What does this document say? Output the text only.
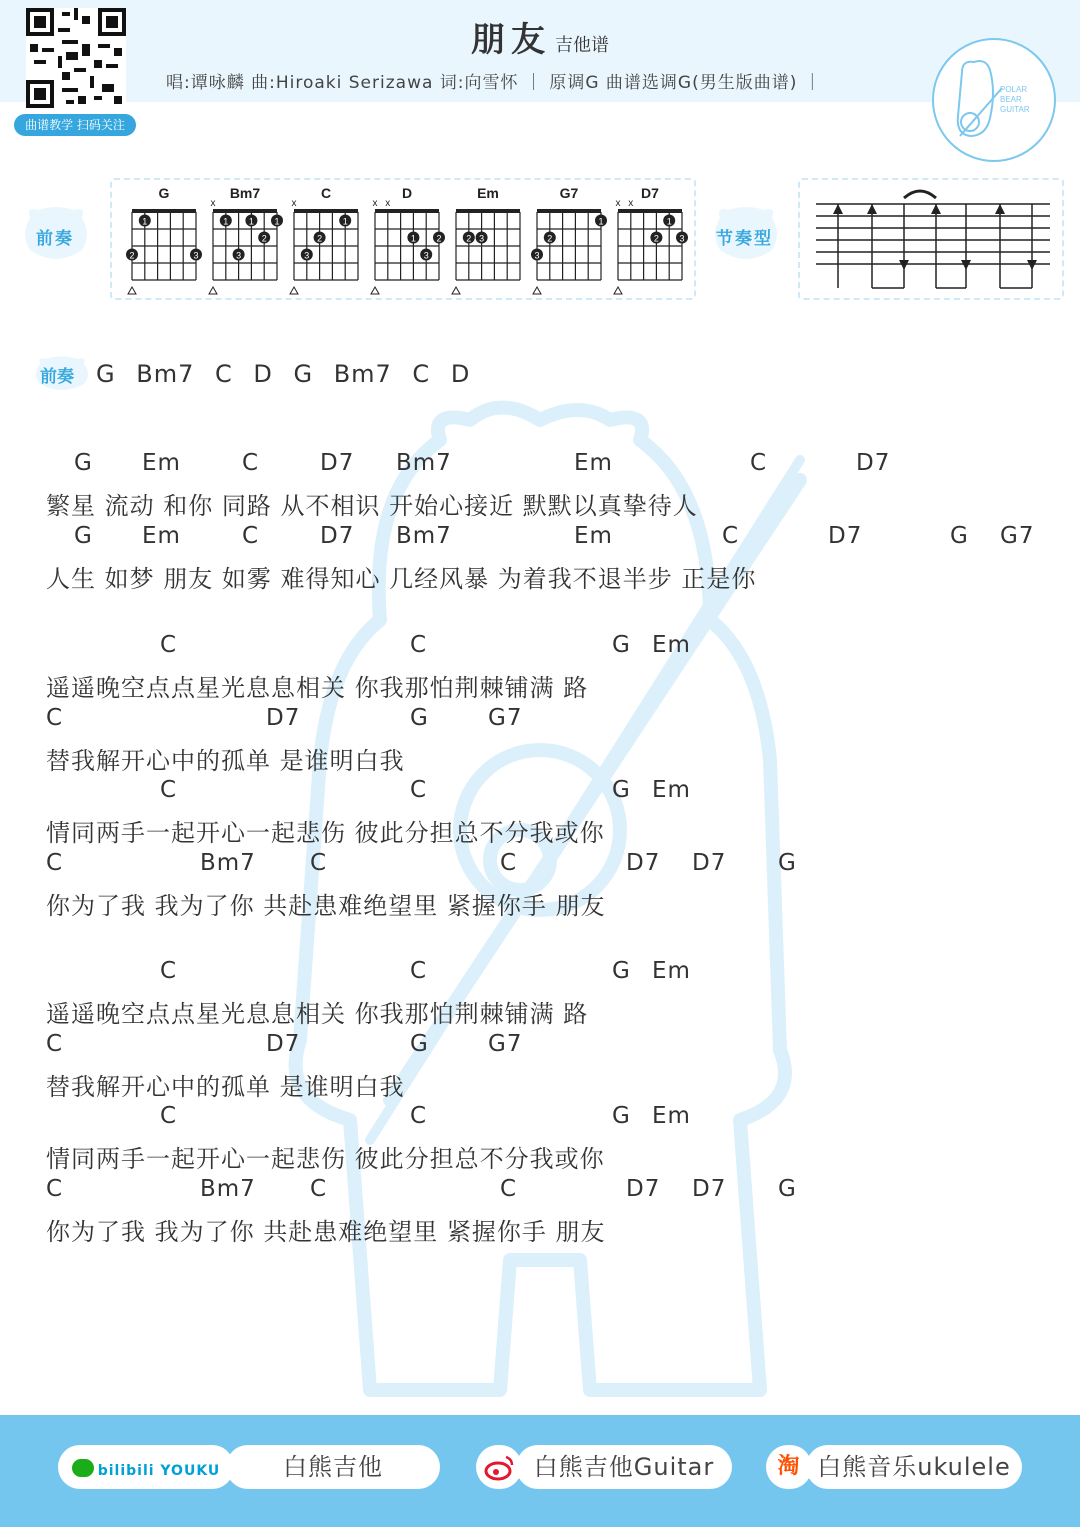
曲谱教学 扫码关注
朋友 吉他谱
唱:谭咏麟 曲:Hiroaki Serizawa 词:向雪怀 ｜ 原调G 曲谱选调G(男生版曲谱) ｜	POLAR
BEAR
GUITAR
前奏
G
1
2	3
Bm7
x
1 1 1
2
3
C
x
1
2
3
D
x x
1 2
3
Em
2 3
G7
1
2
3
D7
x x
1
2 3 节奏型
前奏 G Bm7 C D G Bm7 C D
G Em	C	D7 Bm7	Em	C	D7
繁星 流动 和你 同路 从不相识 开始心接近 默默以真挚待人
G Em	C	D7 Bm7	Em	C	D7	G G7
人生 如梦 朋友 如雾 难得知心 几经风暴 为着我不退半步 正是你
C	C	G Em
遥遥晚空点点星光息息相关 你我那怕荆棘铺满 路
C	D7	G	G7
替我解开心中的孤单 是谁明白我
C	C	G Em
情同两手一起开心一起悲伤 彼此分担总不分我或你
C	Bm7 C	C	D7 D7 G
你为了我 我为了你 共赴患难绝望里 紧握你手 朋友
C	C	G Em
遥遥晚空点点星光息息相关 你我那怕荆棘铺满 路
C	D7	G	G7
替我解开心中的孤单 是谁明白我
C	C	G Em
情同两手一起开心一起悲伤 彼此分担总不分我或你
C	Bm7 C	C	D7 D7 G
你为了我 我为了你 共赴患难绝望里 紧握你手 朋友
bilibili YOUKU	白熊吉他	白熊吉他Guitar	淘 白熊音乐ukulele
